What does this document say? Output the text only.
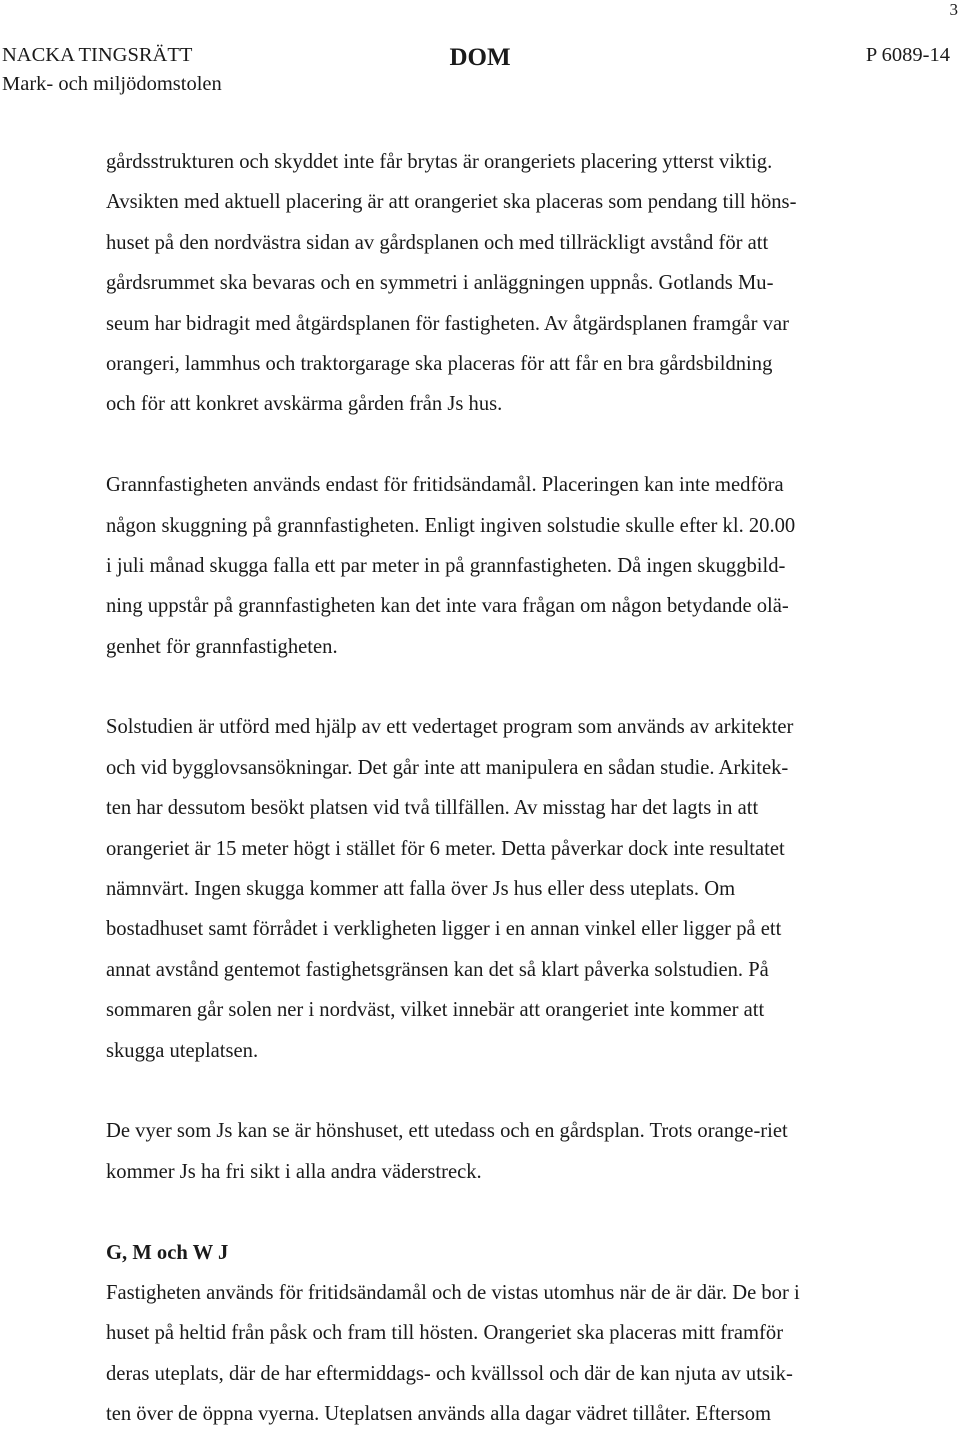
3
NACKA TINGSRÄTT
Mark- och miljödomstolen
DOM	P 6089-14
gårdsstrukturen och skyddet inte får brytas är orangeriets placering ytterst viktig.
Avsikten med aktuell placering är att orangeriet ska placeras som pendang till höns-
huset på den nordvästra sidan av gårdsplanen och med tillräckligt avstånd för att
gårdsrummet ska bevaras och en symmetri i anläggningen uppnås. Gotlands Mu-
seum har bidragit med åtgärdsplanen för fastigheten. Av åtgärdsplanen framgår var
orangeri, lammhus och traktorgarage ska placeras för att får en bra gårdsbildning
och för att konkret avskärma gården från Js hus.
Grannfastigheten används endast för fritidsändamål. Placeringen kan inte medföra
någon skuggning på grannfastigheten. Enligt ingiven solstudie skulle efter kl. 20.00
i juli månad skugga falla ett par meter in på grannfastigheten. Då ingen skuggbild-
ning uppstår på grannfastigheten kan det inte vara frågan om någon betydande olä-
genhet för grannfastigheten.
Solstudien är utförd med hjälp av ett vedertaget program som används av arkitekter
och vid bygglovsansökningar. Det går inte att manipulera en sådan studie. Arkitek-
ten har dessutom besökt platsen vid två tillfällen. Av misstag har det lagts in att
orangeriet är 15 meter högt i stället för 6 meter. Detta påverkar dock inte resultatet
nämnvärt. Ingen skugga kommer att falla över Js hus eller dess uteplats. Om
bostadhuset samt förrådet i verkligheten ligger i en annan vinkel eller ligger på ett
annat avstånd gentemot fastighetsgränsen kan det så klart påverka solstudien. På
sommaren går solen ner i nordväst, vilket innebär att orangeriet inte kommer att
skugga uteplatsen.
De vyer som Js kan se är hönshuset, ett utedass och en gårdsplan. Trots orange-riet
kommer Js ha fri sikt i alla andra väderstreck.
G, M och W J
Fastigheten används för fritidsändamål och de vistas utomhus när de är där. De bor i
huset på heltid från påsk och fram till hösten. Orangeriet ska placeras mitt framför
deras uteplats, där de har eftermiddags- och kvällssol och där de kan njuta av utsik-
ten över de öppna vyerna. Uteplatsen används alla dagar vädret tillåter. Eftersom
